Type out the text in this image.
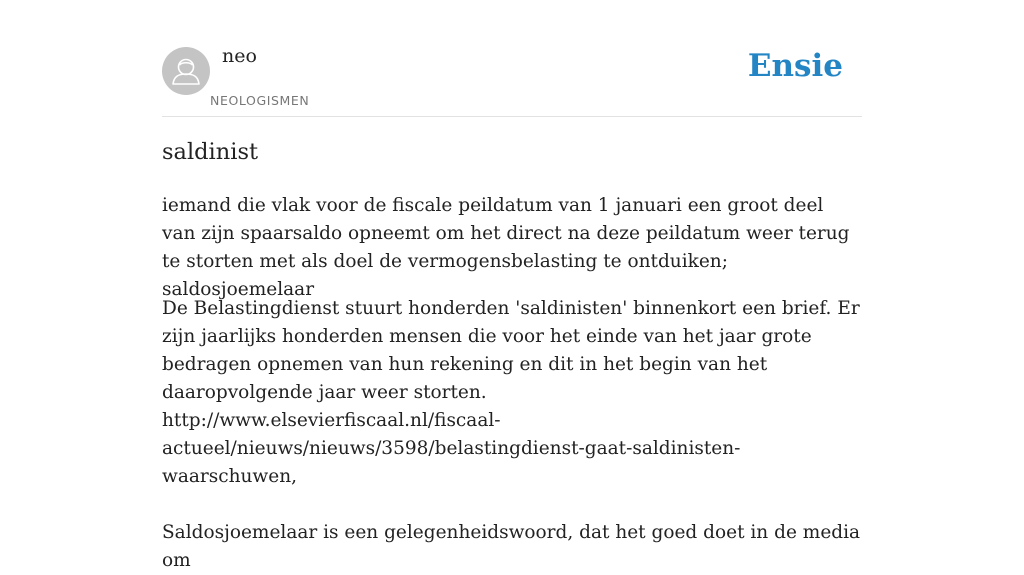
neo
NEOLOGISMEN
Ensie
saldinist

iemand die vlak voor de fiscale peildatum van 1 januari een groot deel van zijn spaarsaldo opneemt om het direct na deze peildatum weer terug te storten met als doel de vermogensbelasting te ontduiken; saldosjoemelaar

De Belastingdienst stuurt honderden 'saldinisten' binnenkort een brief. Er zijn jaarlijks honderden mensen die voor het einde van het jaar grote bedragen opnemen van hun rekening en dit in het begin van het daaropvolgende jaar weer storten.
http://www.elsevierfiscaal.nl/fiscaal-actueel/nieuws/nieuws/3598/belastingdienst-gaat-saldinisten-waarschuwen,
Saldosjoemelaar is een gelegenheidswoord, dat het goed doet in de media om
